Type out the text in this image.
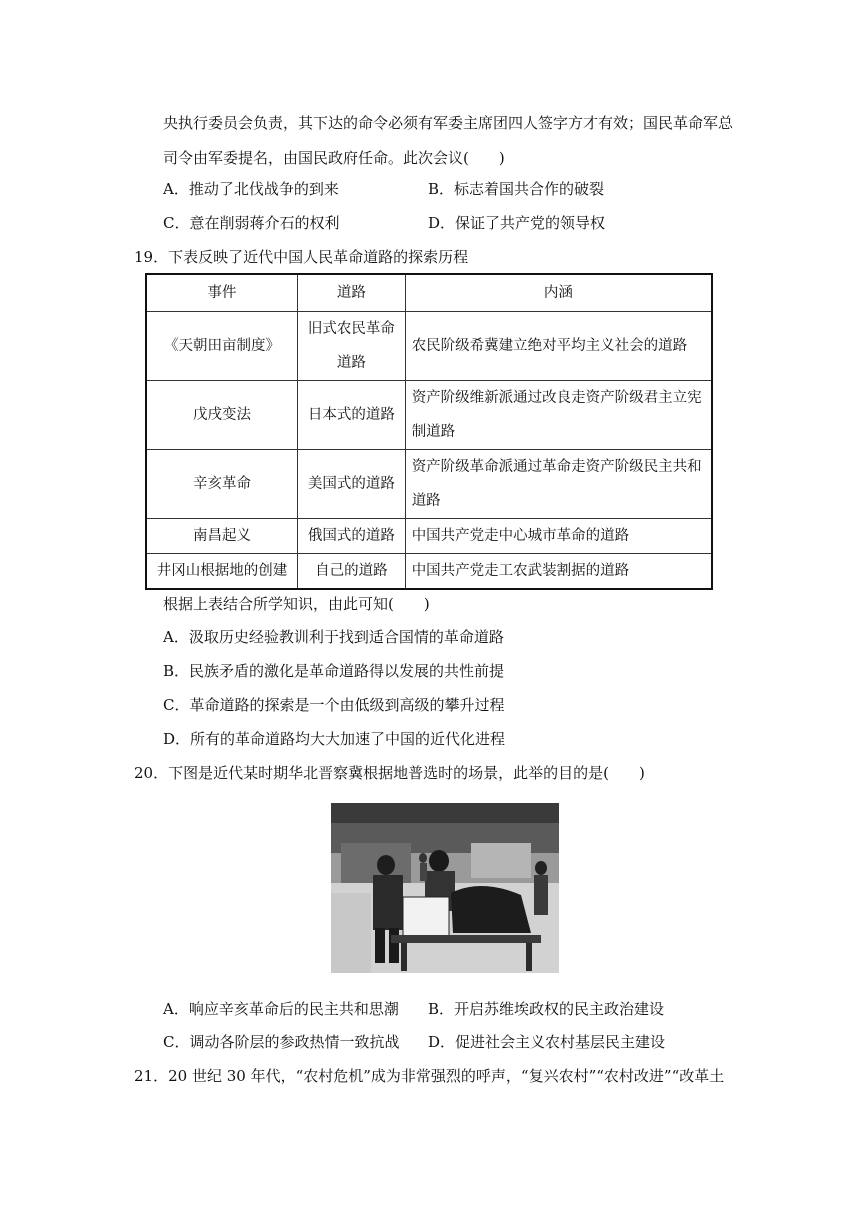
央执行委员会负责，其下达的命令必须有军委主席团四人签字方才有效；国民革命军总
司令由军委提名，由国民政府任命。此次会议(　　)
A．推动了北伐战争的到来	B．标志着国共合作的破裂
C．意在削弱蒋介石的权利	D．保证了共产党的领导权
19．下表反映了近代中国人民革命道路的探索历程
事件	道路	内涵
《天朝田亩制度》	旧式农民革命道路	农民阶级希冀建立绝对平均主义社会的道路
戊戌变法	日本式的道路	资产阶级维新派通过改良走资产阶级君主立宪制道路
辛亥革命	美国式的道路	资产阶级革命派通过革命走资产阶级民主共和道路
南昌起义	俄国式的道路	中国共产党走中心城市革命的道路
井冈山根据地的创建	自己的道路	中国共产党走工农武装割据的道路
根据上表结合所学知识，由此可知(　　)
A．汲取历史经验教训利于找到适合国情的革命道路
B．民族矛盾的激化是革命道路得以发展的共性前提
C．革命道路的探索是一个由低级到高级的攀升过程
D．所有的革命道路均大大加速了中国的近代化进程
20．下图是近代某时期华北晋察冀根据地普选时的场景，此举的目的是(　　)
A．响应辛亥革命后的民主共和思潮 B．开启苏维埃政权的民主政治建设
C．调动各阶层的参政热情一致抗战 D．促进社会主义农村基层民主建设
21．20 世纪 30 年代，“农村危机”成为非常强烈的呼声，“复兴农村”“农村改进”“改革土
